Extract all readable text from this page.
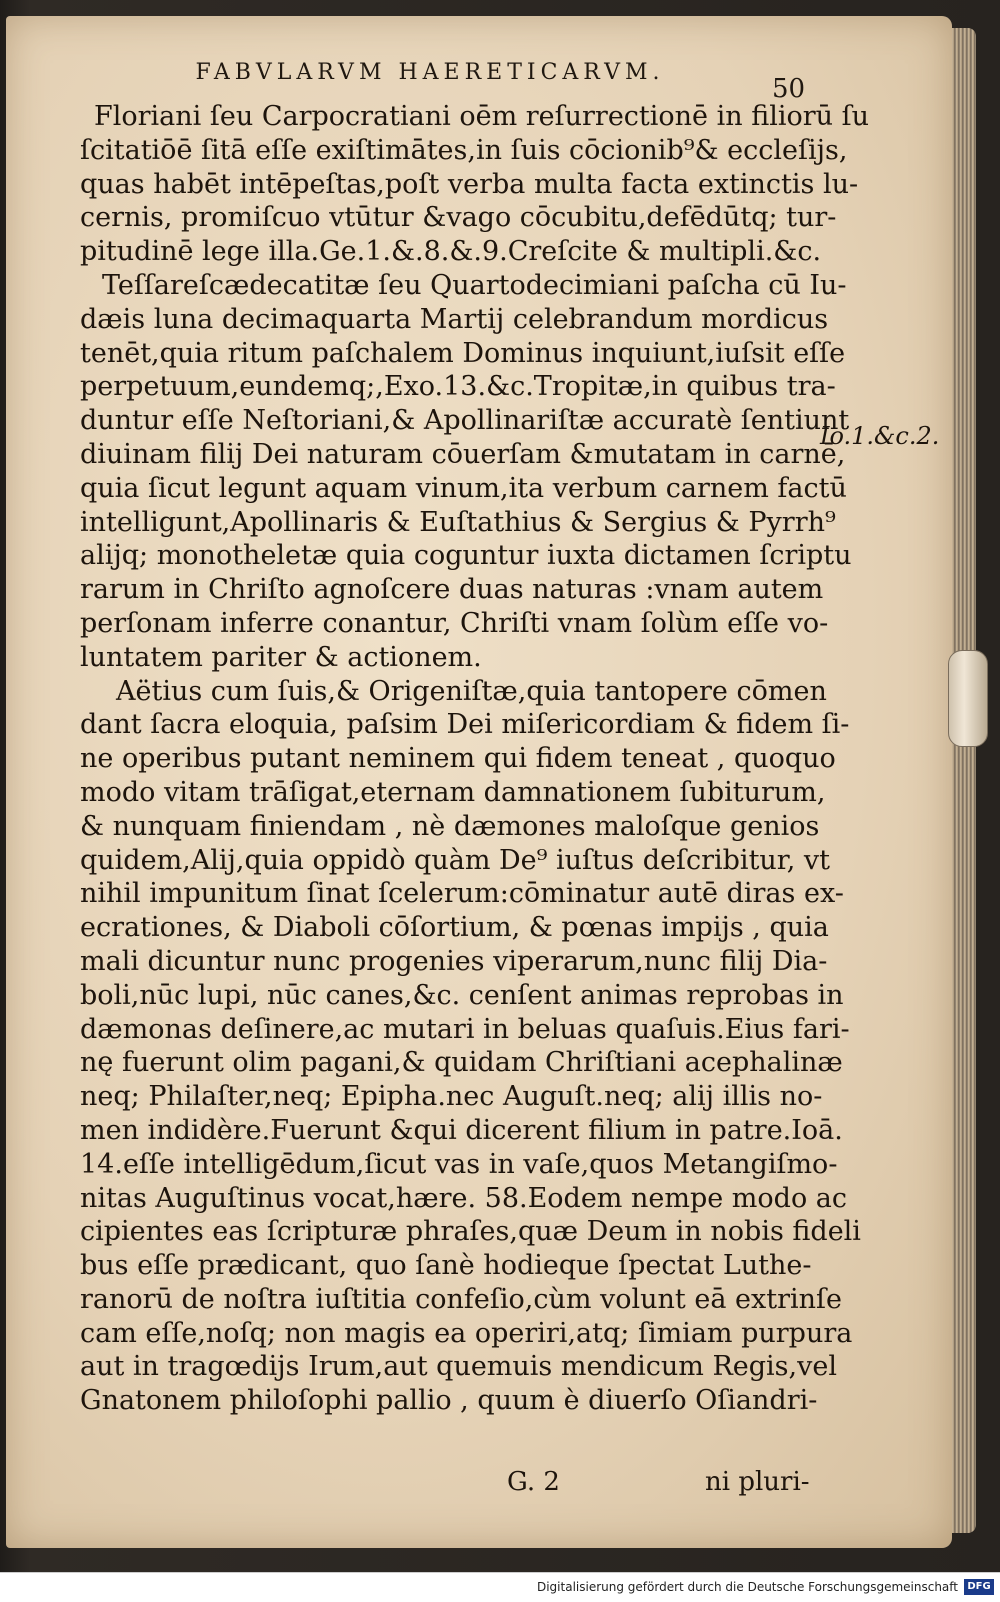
FABVLARVM HAERETICARVM.
50
Floriani ſeu Carpocratiani oēm reſurrectionē in filiorū ſu
ſcitatiōē ſitā eſſe exiſtimātes,in ſuis cōcionib⁹& eccleſijs,
quas habēt intēpeſtas,poſt verba multa facta extinctis lu-
cernis, promiſcuo vtūtur &vago cōcubitu,defēdūtq; tur-
pitudinē lege illa.Ge.1.&.8.&.9.Creſcite & multipli.&c.
Teſſareſcædecatitæ ſeu Quartodecimiani paſcha cū Iu-
dæis luna decimaquarta Martij celebrandum mordicus
tenēt,quia ritum paſchalem Dominus inquiunt,iuſsit eſſe
perpetuum,eundemq;,Exo.13.&c.Tropitæ,in quibus tra-
duntur eſſe Neſtoriani,& Apollinariſtæ accuratè ſentiunt
diuinam filij Dei naturam cōuerſam &mutatam in carnē,
quia ſicut legunt aquam vinum,ita verbum carnem factū
intelligunt,Apollinaris & Euſtathius & Sergius & Pyrrh⁹
alijq; monotheletæ quia coguntur iuxta dictamen ſcriptu
rarum in Chriſto agnoſcere duas naturas :vnam autem
perſonam inferre conantur, Chriſti vnam ſolùm eſſe vo-
luntatem pariter & actionem.
Aëtius cum ſuis,& Origeniſtæ,quia tantopere cōmen
dant ſacra eloquia, paſsim Dei miſericordiam & fidem ſi-
ne operibus putant neminem qui fidem teneat , quoquo
modo vitam trāſigat,eternam damnationem ſubiturum,
& nunquam finiendam , nè dæmones maloſque genios
quidem,Alij,quia oppidò quàm De⁹ iuſtus deſcribitur, vt
nihil impunitum ſinat ſcelerum:cōminatur autē diras ex-
ecrationes, & Diaboli cōſortium, & pœnas impijs , quia
mali dicuntur nunc progenies viperarum,nunc filij Dia-
boli,nūc lupi, nūc canes,&c. cenſent animas reprobas in
dæmonas deſinere,ac mutari in beluas quaſuis.Eius fari-
nę fuerunt olim pagani,& quidam Chriſtiani acephalinæ
neq; Philaſter,neq; Epipha.nec Auguſt.neq; alij illis no-
men indidère.Fuerunt &qui dicerent filium in patre.Ioā.
14.eſſe intelligēdum,ſicut vas in vaſe,quos Metangiſmo-
nitas Auguſtinus vocat,hære. 58.Eodem nempe modo ac
cipientes eas ſcripturæ phraſes,quæ Deum in nobis fideli
bus eſſe prædicant, quo ſanè hodieque ſpectat Luthe-
ranorū de noſtra iuſtitia confeſio,cùm volunt eā extrinſe
cam eſſe,noſq; non magis ea operiri,atq; ſimiam purpura
aut in tragœdijs Irum,aut quemuis mendicum Regis,vel
Gnatonem philoſophi pallio , quum è diuerſo Oſiandri-
Io.1.&c.2.
G. 2	ni pluri-
Digitalisierung gefördert durch die Deutsche Forschungsgemeinschaft DFG
